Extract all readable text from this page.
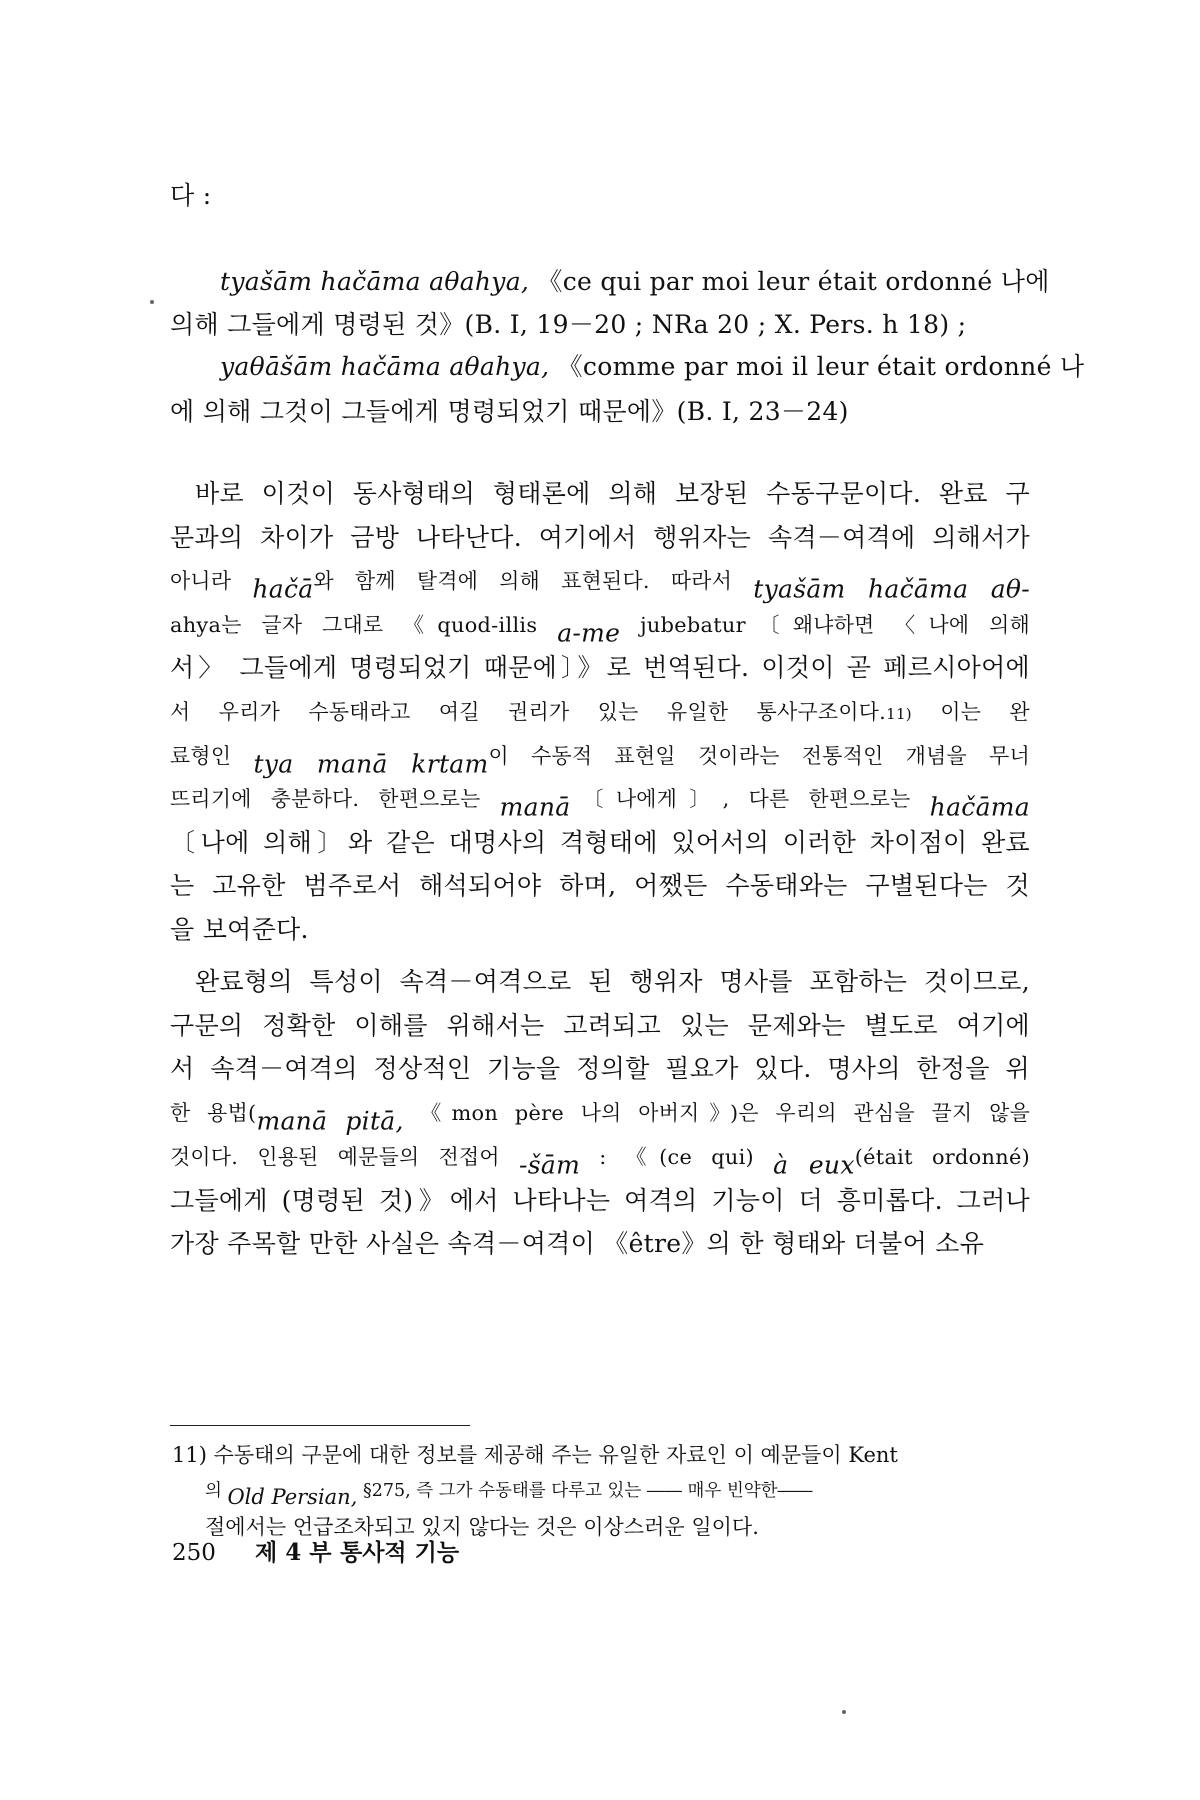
다 :
tyašām hačāma aθahya, 《ce qui par moi leur était ordonné 나에
의해 그들에게 명령된 것》(B. I, 19－20 ; NRa 20 ; X. Pers. h 18) ;
yaθāšām hačāma aθahya, 《comme par moi il leur était ordonné 나
에 의해 그것이 그들에게 명령되었기 때문에》(B. I, 23－24)
바로 이것이 동사형태의 형태론에 의해 보장된 수동구문이다. 완료 구
문과의 차이가 금방 나타난다. 여기에서 행위자는 속격－여격에 의해서가
$^{아니라}$ hačā$^{와 함께 탈격에 의해 표현된다. 따라서}$ tyašām hačāma aθ-
$^{ahya는 글자 그대로 《quod-illis}$ a-me $^{jubebatur〔왜냐하면 〈나에 의해}$
서〉 그들에게 명령되었기 때문에〕》로 번역된다. 이것이 곧 페르시아어에
$^{서 우리가 수동태라고 여길 권리가 있는 유일한 통사구조이다.11)}$ $^{이는 완}$
$^{료형인}$ tya manā krtam$^{이 수동적 표현일 것이라는 전통적인 개념을 무너}$
$^{뜨리기에 충분하다. 한편으로는}$ manā$^{〔나에게〕, 다른 한편으로는}$ hačāma
〔나에 의해〕와 같은 대명사의 격형태에 있어서의 이러한 차이점이 완료
는 고유한 범주로서 해석되어야 하며, 어쨌든 수동태와는 구별된다는 것
을 보여준다.
완료형의 특성이 속격－여격으로 된 행위자 명사를 포함하는 것이므로,
구문의 정확한 이해를 위해서는 고려되고 있는 문제와는 별도로 여기에
서 속격－여격의 정상적인 기능을 정의할 필요가 있다. 명사의 한정을 위
$^{한 용법(}$manā pitā, $^{《mon père 나의 아버지》)은 우리의 관심을 끌지 않을}$
$^{것이다. 인용된 예문들의 전접어}$ -šām $^{: 《(ce qui)}$ à eux$^{(était ordonné)}$
그들에게 (명령된 것)》에서 나타나는 여격의 기능이 더 흥미롭다. 그러나
가장 주목할 만한 사실은 속격－여격이 《être》의 한 형태와 더불어 소유
11) 수동태의 구문에 대한 정보를 제공해 주는 유일한 자료인 이 예문들이 Kent
$^의$ Old Persian, $^{\S 275, 즉 그가 수동태를 다루고 있는 ―― 매우 빈약한――}$
절에서는 언급조차되고 있지 않다는 것은 이상스러운 일이다.
250 제 4 부 통사적 기능
